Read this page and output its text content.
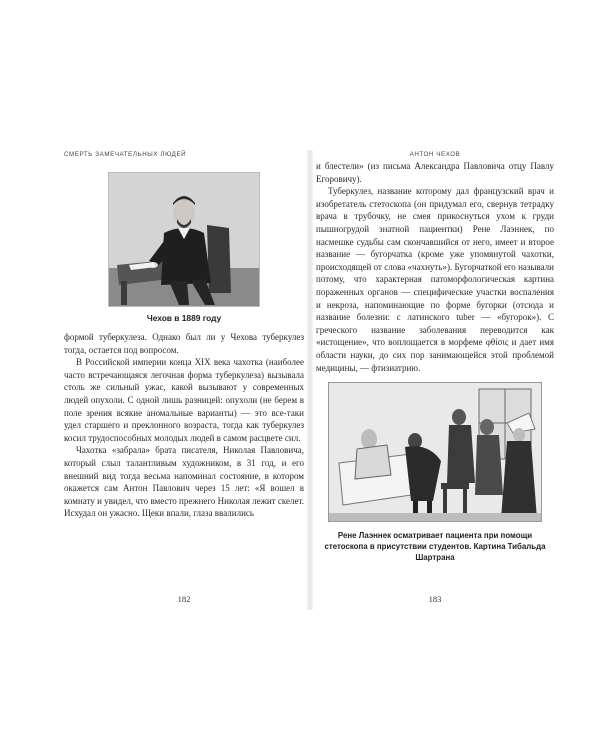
СМЕРТЬ ЗАМЕЧАТЕЛЬНЫХ ЛЮДЕЙ
Чехов в 1889 году

формой туберкулеза. Однако был ли у Чехова туберкулез тогда, остается под вопросом.

В Российской империи конца XIX века чахотка (наиболее часто встречающаяся легочная форма туберкулеза) вызывала столь же сильный ужас, какой вызывают у современных людей опухоли. С одной лишь разницей: опухоли (не берем в поле зрения всякие аномальные варианты) — это все-таки удел старшего и преклонного возраста, тогда как туберкулез косил трудоспособных молодых людей в самом расцвете сил.

Чахотка «забрала» брата писателя, Николая Павловича, который слыл талантливым художником, в 31 год, и его внешний вид тогда весьма напоминал состояние, в котором окажется сам Антон Павлович через 15 лет: «Я вошел в комнату и увидел, что вместо прежнего Николая лежит скелет. Исхудал он ужасно. Щеки впали, глаза ввалились

182
АНТОН ЧЕХОВ

и блестели» (из письма Александра Павловича отцу Павлу Егоровичу).

Туберкулез, название которому дал французский врач и изобретатель стетоскопа (он придумал его, свернув тетрадку врача в трубочку, не смея прикоснуться ухом к груди пышногрудой знатной пациентки) Рене Лаэннек, по насмешке судьбы сам скончавшийся от него, имеет и второе название — бугорчатка (кроме уже упомянутой чахотки, происходящей от слова «чахнуть»). Бугорчаткой его называли потому, что характерная патоморфологическая картина пораженных органов — специфические участки воспаления и некроза, напоминающие по форме бугорки (отсюда и название болезни: с латинского tuber — «бугорок»). С греческого название заболевания переводится как «истощение», что воплощается в морфеме φθίσις и дает имя области науки, до сих пор занимающейся этой проблемой медицины, — фтизиатрию.

Рене Лаэннек осматривает пациента при помощи стетоскопа в присутствии студентов. Картина Тибальда Шартрана
183
